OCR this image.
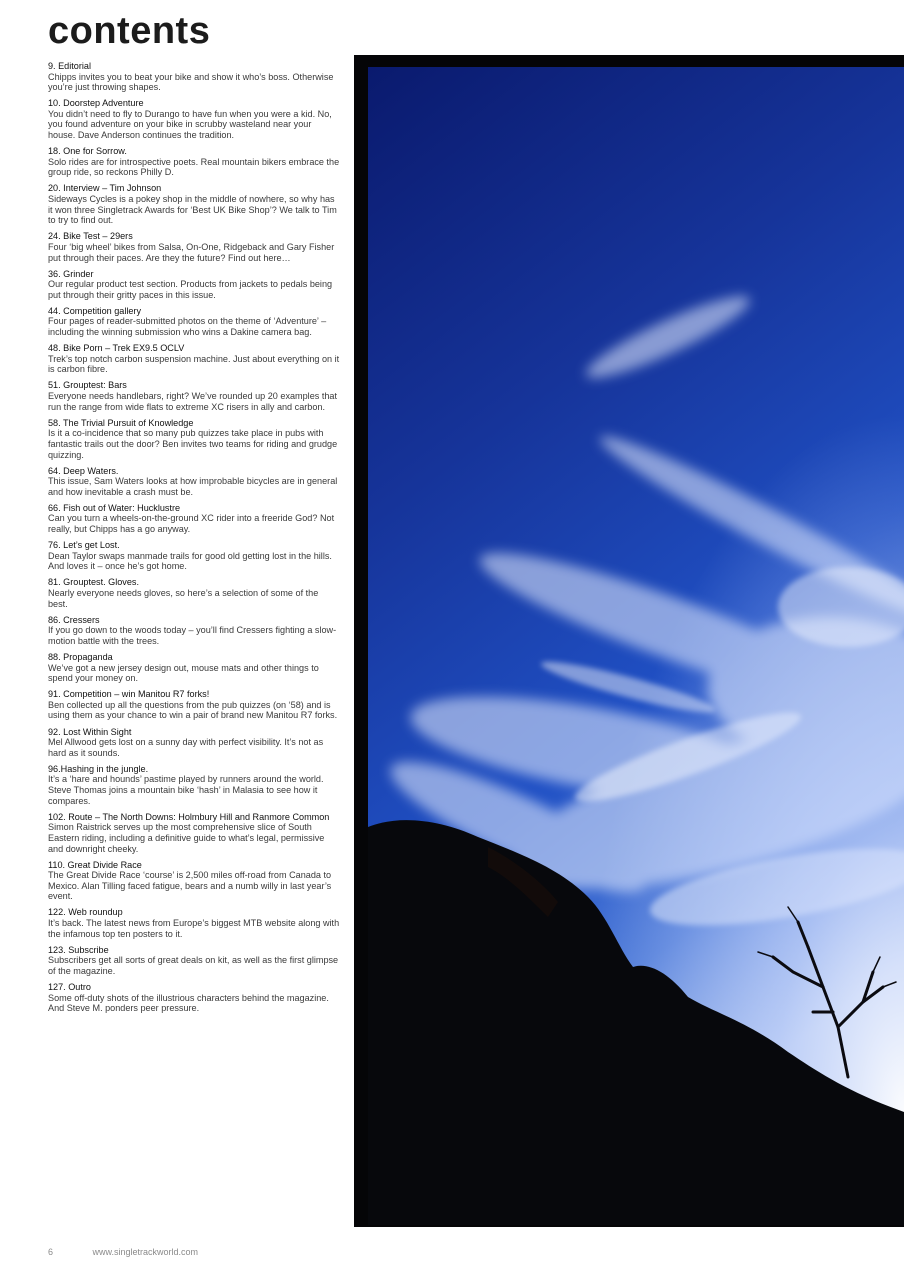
contents
9. Editorial
Chipps invites you to beat your bike and show it who’s boss. Otherwise you’re just throwing shapes.
10. Doorstep Adventure
You didn’t need to fly to Durango to have fun when you were a kid. No, you found adventure on your bike in scrubby wasteland near your house. Dave Anderson continues the tradition.
18. One for Sorrow.
Solo rides are for introspective poets. Real mountain bikers embrace the group ride, so reckons Philly D.
20. Interview – Tim Johnson
Sideways Cycles is a pokey shop in the middle of nowhere, so why has it won three Singletrack Awards for ‘Best UK Bike Shop’? We talk to Tim to try to find out.
24. Bike Test – 29ers
Four ‘big wheel’ bikes from Salsa, On-One, Ridgeback and Gary Fisher put through their paces. Are they the future? Find out here…
36. Grinder
Our regular product test section. Products from jackets to pedals being put through their gritty paces in this issue.
44. Competition gallery
Four pages of reader-submitted photos on the theme of ‘Adventure’ – including the winning submission who wins a Dakine camera bag.
48. Bike Porn – Trek EX9.5 OCLV
Trek’s top notch carbon suspension machine. Just about everything on it is carbon fibre.
51. Grouptest: Bars
Everyone needs handlebars, right? We’ve rounded up 20 examples that run the range from wide flats to extreme XC risers in ally and carbon.
58. The Trivial Pursuit of Knowledge
Is it a co-incidence that so many pub quizzes take place in pubs with fantastic trails out the door? Ben invites two teams for riding and grudge quizzing.
64. Deep Waters.
This issue, Sam Waters looks at how improbable bicycles are in general and how inevitable a crash must be.
66. Fish out of Water: Hucklustre
Can you turn a wheels-on-the-ground XC rider into a freeride God? Not really, but Chipps has a go anyway.
76. Let’s get Lost.
Dean Taylor swaps manmade trails for good old getting lost in the hills. And loves it – once he’s got home.
81. Grouptest. Gloves.
Nearly everyone needs gloves, so here’s a selection of some of the best.
86. Cressers
If you go down to the woods today – you’ll find Cressers fighting a slow-motion battle with the trees.
88. Propaganda
We’ve got a new jersey design out, mouse mats and other things to spend your money on.
91. Competition – win Manitou R7 forks!
Ben collected up all the questions from the pub quizzes (on ‘58) and is using them as your chance to win a pair of brand new Manitou R7 forks.
92. Lost Within Sight
Mel Allwood gets lost on a sunny day with perfect visibility. It’s not as hard as it sounds.
96.Hashing in the jungle.
It’s a ‘hare and hounds’ pastime played by runners around the world. Steve Thomas joins a mountain bike ‘hash’ in Malasia to see how it compares.
102. Route – The North Downs: Holmbury Hill and Ranmore Common
Simon Raistrick serves up the most comprehensive slice of South Eastern riding, including a definitive guide to what’s legal, permissive and downright cheeky.
110. Great Divide Race
The Great Divide Race ‘course’ is 2,500 miles off-road from Canada to Mexico. Alan Tilling faced fatigue, bears and a numb willy in last year’s event.
122. Web roundup
It’s back. The latest news from Europe’s biggest MTB website along with the infamous top ten posters to it.
123. Subscribe
Subscribers get all sorts of great deals on kit, as well as the first glimpse of the magazine.
127. Outro
Some off-duty shots of the illustrious characters behind the magazine. And Steve M. ponders peer pressure.
6	www.singletrackworld.com
